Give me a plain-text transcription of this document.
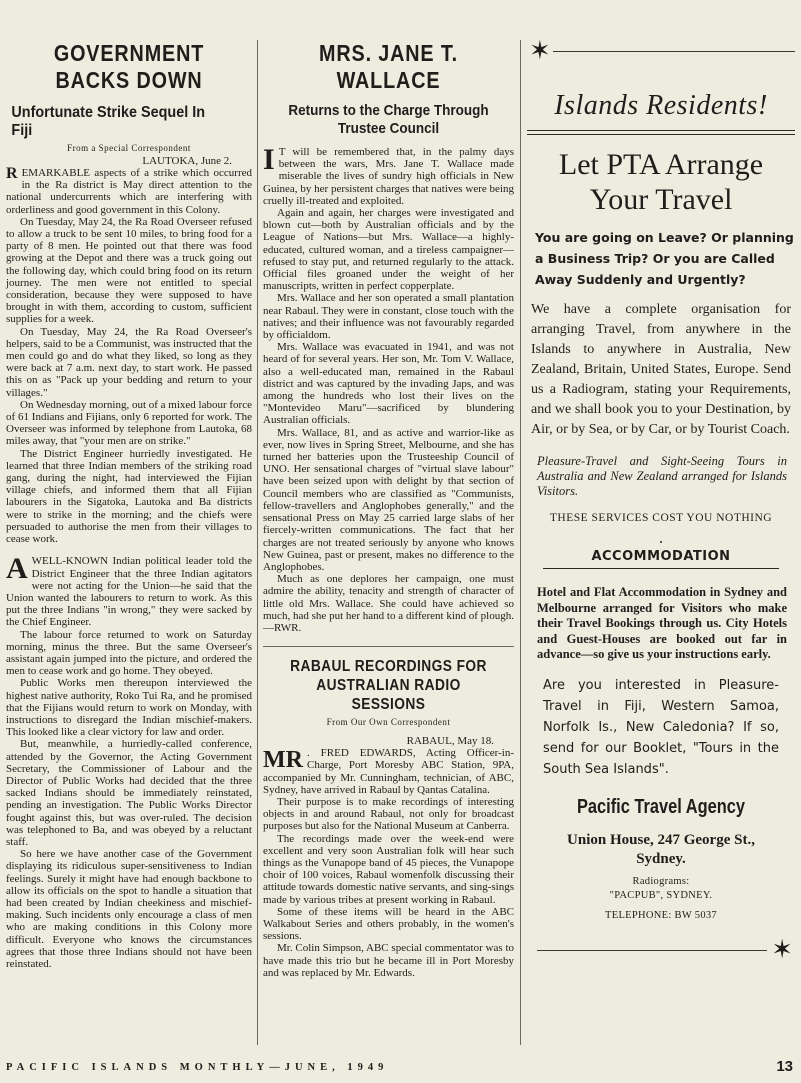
GOVERNMENT BACKS DOWN
Unfortunate Strike Sequel In Fiji
From a Special Correspondent
LAUTOKA, June 2.

R EMARKABLE aspects of a strike which occurred in the Ra district is May direct attention to the national undercurrents which are interfering with orderliness and good government in this Colony.

On Tuesday, May 24, the Ra Road Overseer refused to allow a truck to be sent 10 miles, to bring food for a party of 8 men. He pointed out that there was food growing at the Depot and there was a truck going out the following day, which could bring food on its return journey. The men were not entitled to special consideration, because they were supposed to have brought in with them, according to custom, sufficient supplies for a week.

On Tuesday, May 24, the Ra Road Overseer's helpers, said to be a Communist, was instructed that the men could go and do what they liked, so long as they were back at 7 a.m. next day, to start work. He passed this on as "Pack up your bedding and return to your villages."

On Wednesday morning, out of a mixed labour force of 61 Indians and Fijians, only 6 reported for work. The Overseer was informed by telephone from Lautoka, 68 miles away, that "your men are on strike."

The District Engineer hurriedly investigated. He learned that three Indian members of the striking road gang, during the night, had interviewed the Fijian village chiefs, and informed them that all Fijian labourers in the Sigatoka, Lautoka and Ba districts were to strike in the morning; and the chiefs were persuaded to authorise the men from their villages to cease work.

AWELL-KNOWN Indian political leader told the District Engineer that the three Indian agitators were not acting for the Union—he said that the Union wanted the labourers to return to work. As this put the three Indians "in wrong," they were sacked by the Chief Engineer.

The labour force returned to work on Saturday morning, minus the three. But the same Overseer's assistant again jumped into the picture, and ordered the men to cease work and go home. They obeyed.

Public Works men thereupon interviewed the highest native authority, Roko Tui Ra, and he promised that the Fijians would return to work on Monday, with instructions to disregard the Indian mischief-makers. This looked like a clear victory for law and order.

But, meanwhile, a hurriedly-called conference, attended by the Governor, the Acting Government Secretary, the Commissioner of Labour and the Director of Public Works had decided that the three sacked Indians should be immediately reinstated, pending an investigation. The Public Works Director fought against this, but was over-ruled. The decision was telephoned to Ba, and was obeyed by a reluctant staff.

So here we have another case of the Government displaying its ridiculous super-sensitiveness to Indian feelings. Surely it might have had enough backbone to allow its officials on the spot to handle a situation that had been created by Indian cheekiness and mischief-making. Such incidents only encourage a class of men who are making conditions in this Colony more difficult. Everyone who knows the circumstances agrees that those three Indians should not have been reinstated.

MRS. JANE T. WALLACE
Returns to the Charge Through Trustee Council

I T will be remembered that, in the palmy days between the wars, Mrs. Jane T. Wallace made miserable the lives of sundry high officials in New Guinea, by her persistent charges that natives were being cruelly ill-treated and exploited.

Again and again, her charges were investigated and blown cut—both by Australian officials and by the League of Nations—but Mrs. Wallace—a highly-educated, cultured woman, and a tireless campaigner—refused to stay put, and returned regularly to the attack. Official files groaned under the weight of her manuscripts, written in perfect copperplate.

Mrs. Wallace and her son operated a small plantation near Rabaul. They were in constant, close touch with the natives; and their influence was not favourably regarded by officialdom.

Mrs. Wallace was evacuated in 1941, and was not heard of for several years. Her son, Mr. Tom V. Wallace, also a well-educated man, remained in the Rabaul district and was captured by the invading Japs, and was among the hundreds who lost their lives on the "Montevideo Maru"—sacrificed by blundering Australian officials.

Mrs. Wallace, 81, and as active and warrior-like as ever, now lives in Spring Street, Melbourne, and she has turned her batteries upon the Trusteeship Council of UNO. Her sensational charges of "virtual slave labour" have been seized upon with delight by that section of Council members who are classified as "Communists, fellow-travellers and Anglophobes generally," and the sensational Press on May 25 carried large slabs of her fiercely-written communications. The fact that her charges are not treated seriously by anyone who knows New Guinea, past or present, makes no difference to the Anglophobes.

Much as one deplores her campaign, one must admire the ability, tenacity and strength of character of little old Mrs. Wallace. She could have achieved so much, had she put her hand to a different kind of plough.—RWR.

RABAUL RECORDINGS FOR AUSTRALIAN RADIO SESSIONS
From Our Own Correspondent
RABAUL, May 18.

MR . FRED EDWARDS, Acting Officer-in-Charge, Port Moresby ABC Station, 9PA, accompanied by Mr. Cunningham, technician, of ABC, Sydney, have arrived in Rabaul by Qantas Catalina.

Their purpose is to make recordings of interesting objects in and around Rabaul, not only for broadcast purposes but also for the National Museum at Canberra.

The recordings made over the week-end were excellent and very soon Australian folk will hear such things as the Vunapope band of 45 pieces, the Vunapope choir of 100 voices, Rabaul womenfolk discussing their attitude towards domestic native servants, and sing-sings made by various tribes at present working in Rabaul.

Some of these items will be heard in the ABC Walkabout Series and others probably, in the women's sessions.

Mr. Colin Simpson, ABC special commentator was to have made this trio but he became ill in Port Moresby and was replaced by Mr. Edwards.

✶
Islands Residents!
Let PTA Arrange Your Travel

You are going on Leave? Or planning a Business Trip? Or you are Called Away Suddenly and Urgently?

We have a complete organisation for arranging Travel, from anywhere in the Islands to anywhere in Australia, New Zealand, Britain, United States, Europe. Send us a Radiogram, stating your Requirements, and we shall book you to your Destination, by Air, or by Sea, or by Car, or by Tourist Coach.

Pleasure-Travel and Sight-Seeing Tours in Australia and New Zealand arranged for Islands Visitors.

THESE SERVICES COST YOU NOTHING

•
ACCOMMODATION

Hotel and Flat Accommodation in Sydney and Melbourne arranged for Visitors who make their Travel Bookings through us. City Hotels and Guest-Houses are booked out far in advance—so give us your instructions early.

Are you interested in Pleasure-Travel in Fiji, Western Samoa, Norfolk Is., New Caledonia? If so, send for our Booklet, "Tours in the South Sea Islands".

Pacific Travel Agency

Union House, 247 George St.,

Sydney.

Radiograms:

"PACPUB", SYDNEY.

TELEPHONE: BW 5037

✶
PACIFIC ISLANDS MONTHLY—JUNE, 1949	13
